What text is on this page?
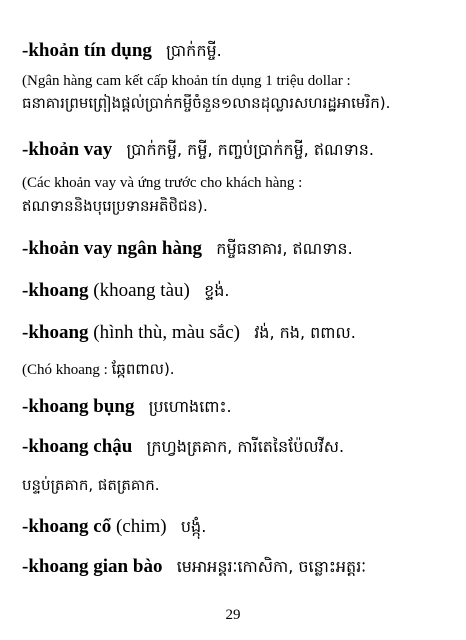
-khoản tín dụng ប្រាក់កម្ចី.
(Ngân hàng cam kết cấp khoản tín dụng 1 triệu dollar :
ធនាគារព្រមព្រៀងផ្តល់ប្រាក់កម្ចីចំនួន១លានដុល្លារសហរដ្ឋអាមេរិក).
-khoản vay ប្រាក់កម្ចី, កម្ចី, កញ្ចប់ប្រាក់កម្ចី, ឥណទាន.
(Các khoản vay và ứng trước cho khách hàng :
ឥណទាននិងបុរេប្រទានអតិថិជន).
-khoản vay ngân hàng កម្ចីធនាគារ, ឥណទាន.
-khoang (khoang tàu) ខ្ទង់.
-khoang (hình thù, màu sắc) វង់, កង, ពពាល.
(Chó khoang : ឆ្កែពពាល).
-khoang bụng ប្រហោងពោះ.
-khoang chậu ក្រហ្វងត្រគាក, ការីតេនៃប៉ែលវីស.
បន្ទប់ត្រគាក, ផតត្រគាក.
-khoang cổ (chim) បង្កុំ.
-khoang gian bào មេអាអន្តរៈកោសិកា, ចន្លោះអត្តរៈ
29
